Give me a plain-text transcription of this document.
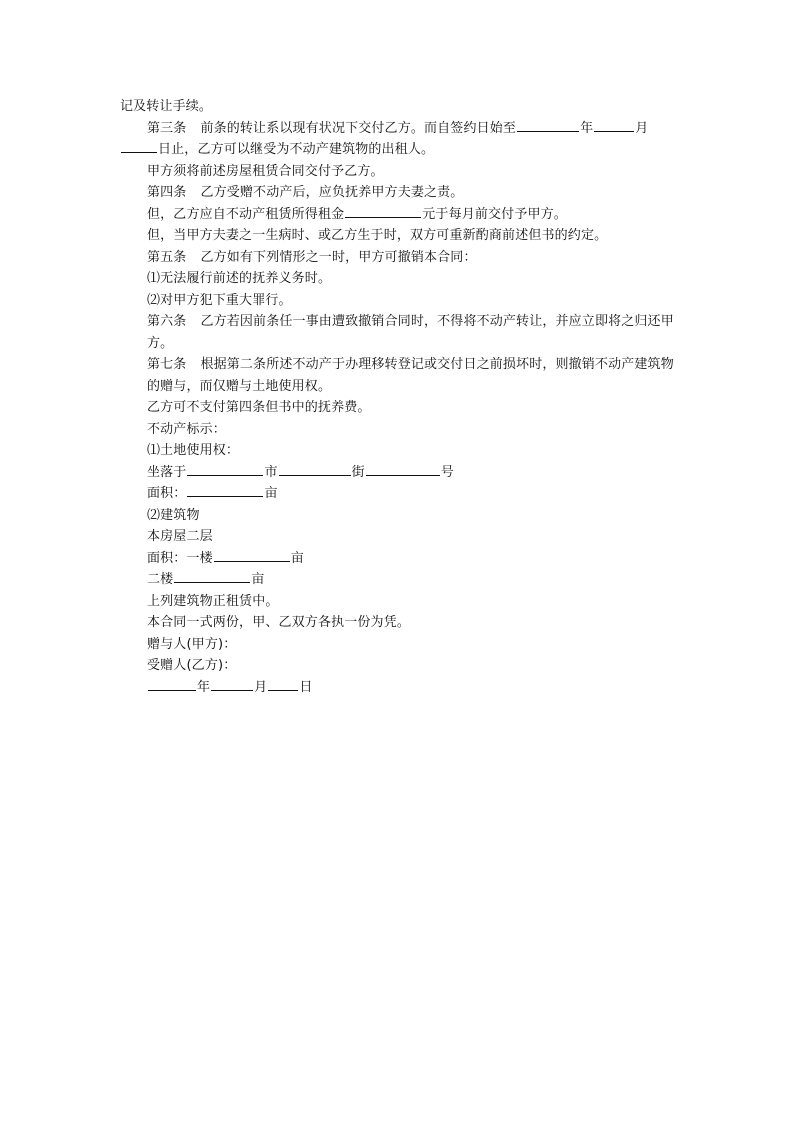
记及转让手续。

第三条 前条的转让系以现有状况下交付乙方。而自签约日始至	年	月

日止，乙方可以继受为不动产建筑物的出租人。

甲方须将前述房屋租赁合同交付予乙方。

第四条 乙方受赠不动产后，应负抚养甲方夫妻之责。

但，乙方应自不动产租赁所得租金	元于每月前交付予甲方。

但，当甲方夫妻之一生病时、或乙方生于时，双方可重新酌商前述但书的约定。

第五条 乙方如有下列情形之一时，甲方可撤销本合同：

⑴无法履行前述的抚养义务时。

⑵对甲方犯下重大罪行。

第六条 乙方若因前条任一事由遭致撤销合同时，不得将不动产转让，并应立即将之归还甲方。

第七条 根据第二条所述不动产于办理移转登记或交付日之前损坏时，则撤销不动产建筑物的赠与，而仅赠与土地使用权。

乙方可不支付第四条但书中的抚养费。

不动产标示：

⑴土地使用权：

坐落于	市	街	号

面积：	亩

⑵建筑物

本房屋二层

面积：一楼	亩

二楼	亩

上列建筑物正租赁中。

本合同一式两份，甲、乙双方各执一份为凭。

赠与人(甲方)：

受赠人(乙方)：

年	月 日
